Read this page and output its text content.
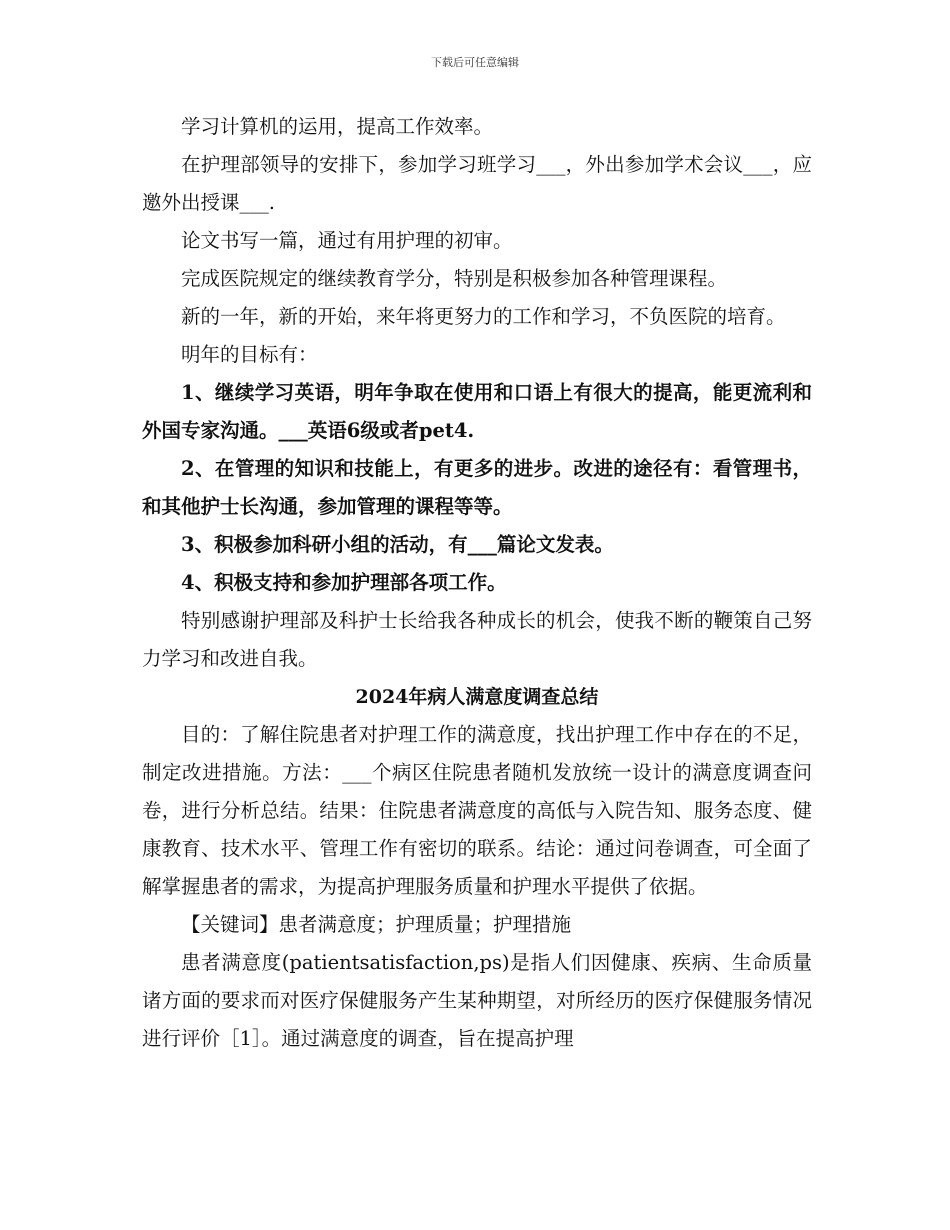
下载后可任意编辑

学习计算机的运用，提高工作效率。

在护理部领导的安排下，参加学习班学习___，外出参加学术会议___，应邀外出授课___.

论文书写一篇，通过有用护理的初审。

完成医院规定的继续教育学分，特别是积极参加各种管理课程。

新的一年，新的开始，来年将更努力的工作和学习，不负医院的培育。

明年的目标有：

1、继续学习英语，明年争取在使用和口语上有很大的提高，能更流利和外国专家沟通。___英语6级或者pet4.

2、在管理的知识和技能上，有更多的进步。改进的途径有：看管理书，和其他护士长沟通，参加管理的课程等等。

3、积极参加科研小组的活动，有___篇论文发表。

4、积极支持和参加护理部各项工作。

特别感谢护理部及科护士长给我各种成长的机会，使我不断的鞭策自己努力学习和改进自我。

2024年病人满意度调查总结

目的：了解住院患者对护理工作的满意度，找出护理工作中存在的不足，制定改进措施。方法：___个病区住院患者随机发放统一设计的满意度调查问卷，进行分析总结。结果：住院患者满意度的高低与入院告知、服务态度、健康教育、技术水平、管理工作有密切的联系。结论：通过问卷调查，可全面了解掌握患者的需求，为提高护理服务质量和护理水平提供了依据。

【关键词】患者满意度；护理质量；护理措施

患者满意度(patientsatisfaction,ps)是指人们因健康、疾病、生命质量诸方面的要求而对医疗保健服务产生某种期望，对所经历的医疗保健服务情况进行评价［1］。通过满意度的调查，旨在提高护理
